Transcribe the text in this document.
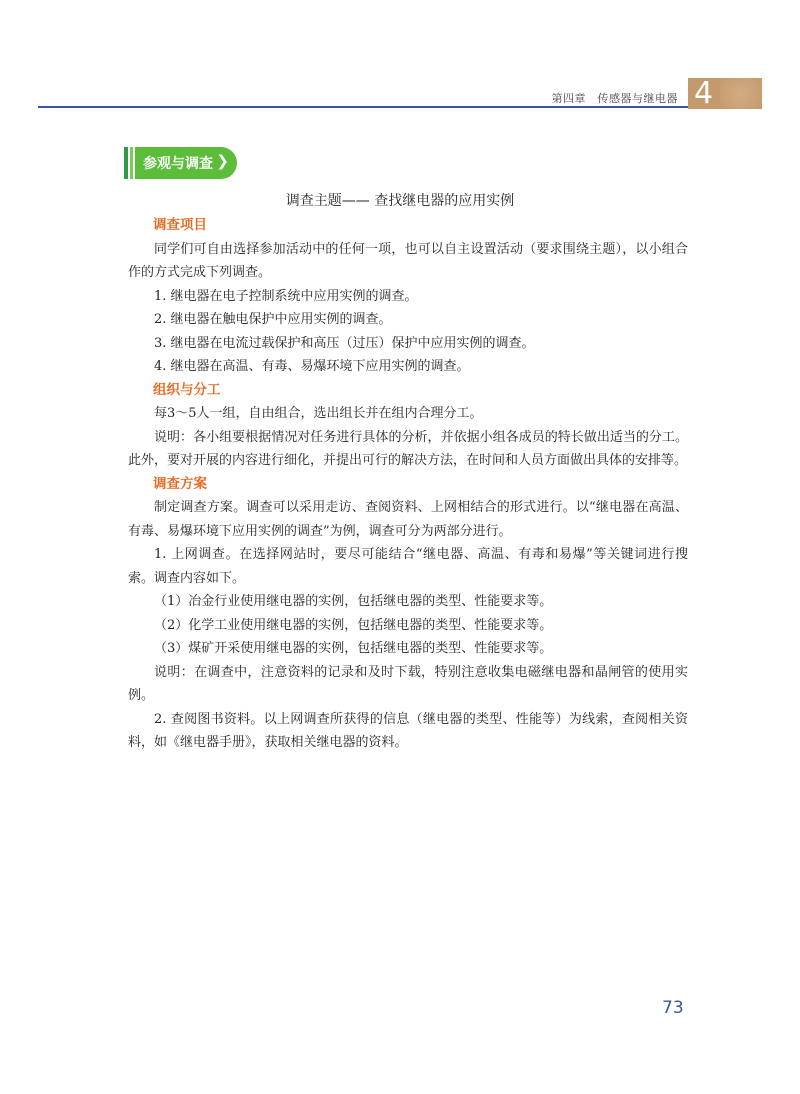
第四章　传感器与继电器 4
参观与调查 ❯
调查主题—— 查找继电器的应用实例
调查项目

同学们可自由选择参加活动中的任何一项，也可以自主设置活动（要求围绕主题），以小组合作的方式完成下列调查。

1. 继电器在电子控制系统中应用实例的调查。

2. 继电器在触电保护中应用实例的调查。

3. 继电器在电流过载保护和高压（过压）保护中应用实例的调查。

4. 继电器在高温、有毒、易爆环境下应用实例的调查。

组织与分工

每3～5人一组，自由组合，选出组长并在组内合理分工。

说明：各小组要根据情况对任务进行具体的分析，并依据小组各成员的特长做出适当的分工。此外，要对开展的内容进行细化，并提出可行的解决方法，在时间和人员方面做出具体的安排等。

调查方案

制定调查方案。调查可以采用走访、查阅资料、上网相结合的形式进行。以“继电器在高温、有毒、易爆环境下应用实例的调查”为例，调查可分为两部分进行。

1. 上网调查。在选择网站时，要尽可能结合“继电器、高温、有毒和易爆”等关键词进行搜索。调查内容如下。

（1）冶金行业使用继电器的实例，包括继电器的类型、性能要求等。

（2）化学工业使用继电器的实例，包括继电器的类型、性能要求等。

（3）煤矿开采使用继电器的实例，包括继电器的类型、性能要求等。

说明：在调查中，注意资料的记录和及时下载，特别注意收集电磁继电器和晶闸管的使用实例。

2. 查阅图书资料。以上网调查所获得的信息（继电器的类型、性能等）为线索，查阅相关资料，如《继电器手册》，获取相关继电器的资料。

73
